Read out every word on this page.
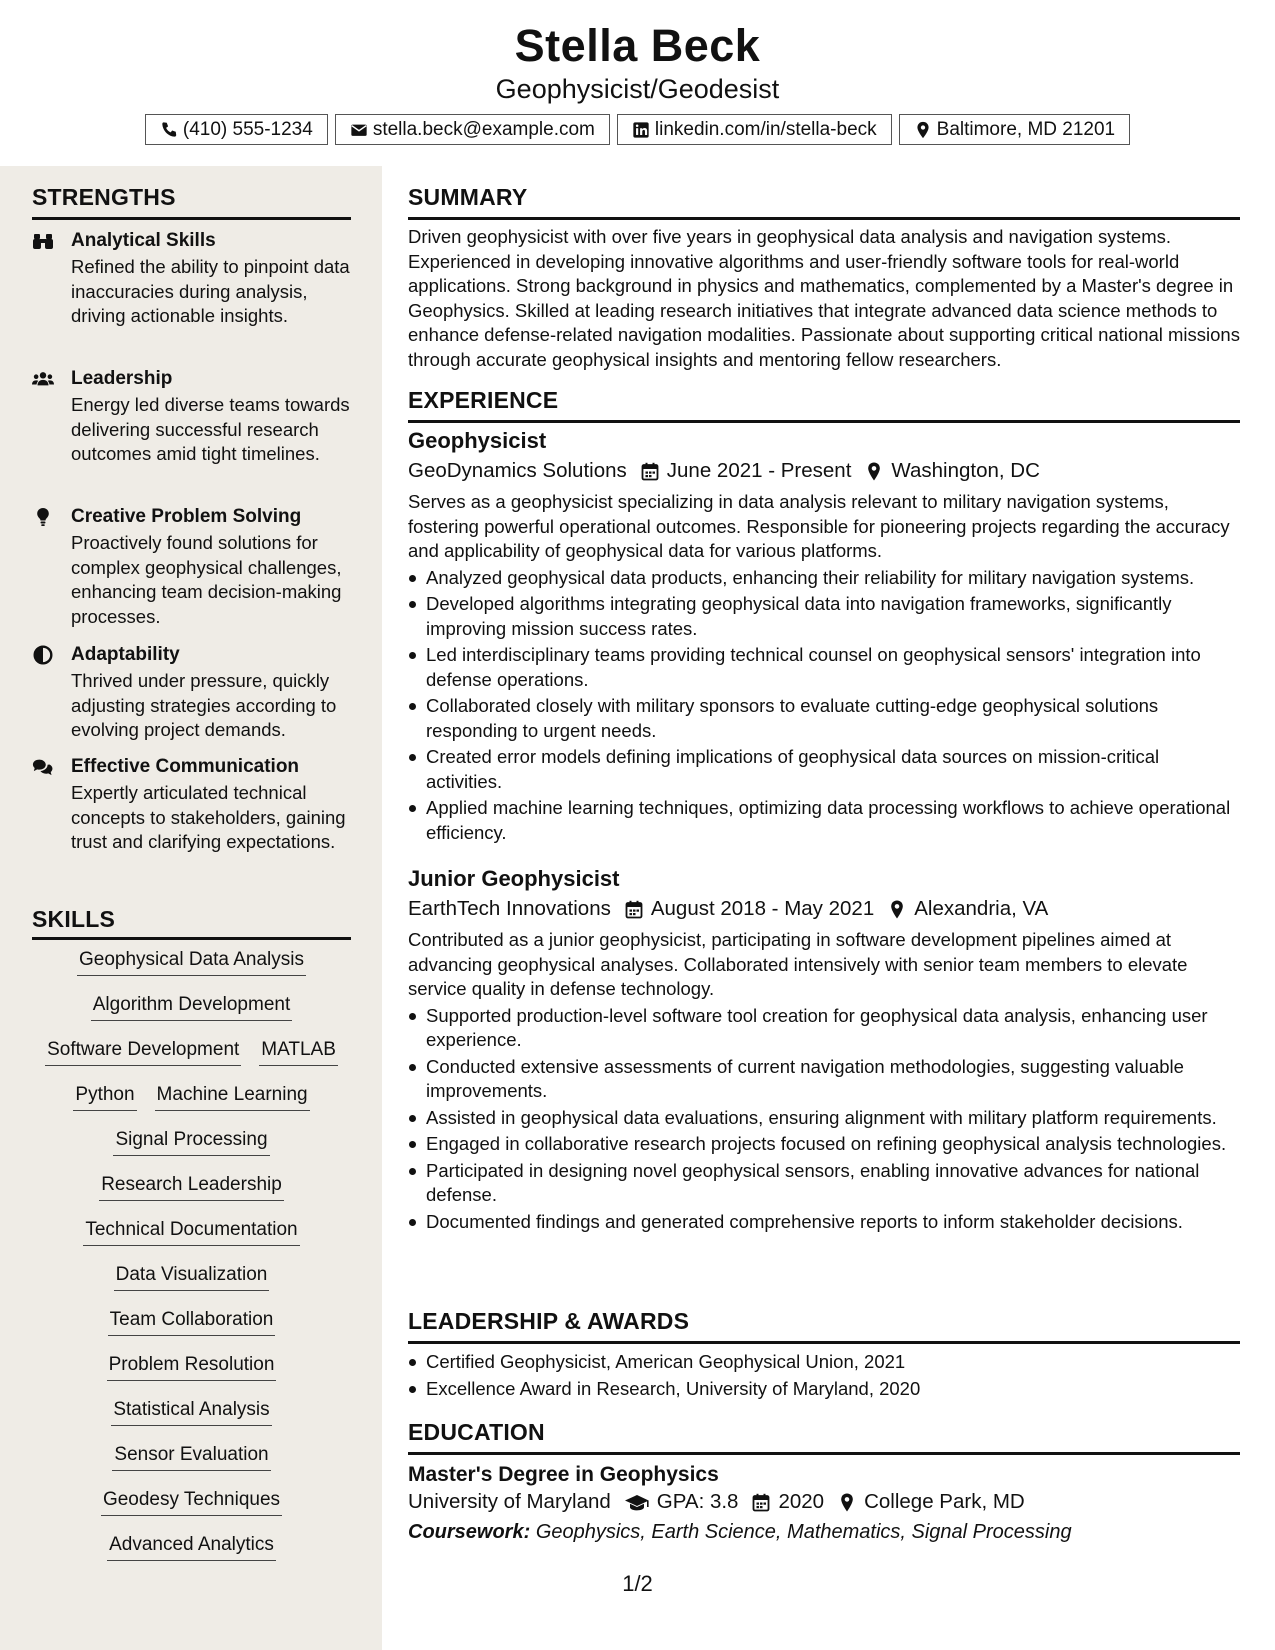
Stella Beck
Geophysicist/Geodesist
(410) 555-1234	stella.beck@example.com	linkedin.com/in/stella-beck	Baltimore, MD 21201
STRENGTHS
Analytical Skills
Refined the ability to pinpoint data inaccuracies during analysis, driving actionable insights.
Leadership
Energy led diverse teams towards delivering successful research outcomes amid tight timelines.
Creative Problem Solving
Proactively found solutions for complex geophysical challenges, enhancing team decision-making processes.
Adaptability
Thrived under pressure, quickly adjusting strategies according to evolving project demands.
Effective Communication
Expertly articulated technical concepts to stakeholders, gaining trust and clarifying expectations.
SKILLS
Geophysical Data Analysis
Algorithm Development
Software Development MATLAB
Python Machine Learning
Signal Processing
Research Leadership
Technical Documentation
Data Visualization
Team Collaboration
Problem Resolution
Statistical Analysis
Sensor Evaluation
Geodesy Techniques
Advanced Analytics
SUMMARY
Driven geophysicist with over five years in geophysical data analysis and navigation systems. Experienced in developing innovative algorithms and user-friendly software tools for real-world applications. Strong background in physics and mathematics, complemented by a Master's degree in Geophysics. Skilled at leading research initiatives that integrate advanced data science methods to enhance defense-related navigation modalities. Passionate about supporting critical national missions through accurate geophysical insights and mentoring fellow researchers.
EXPERIENCE
Geophysicist
GeoDynamics Solutions June 2021 - Present Washington, DC
Serves as a geophysicist specializing in data analysis relevant to military navigation systems, fostering powerful operational outcomes. Responsible for pioneering projects regarding the accuracy and applicability of geophysical data for various platforms.
Analyzed geophysical data products, enhancing their reliability for military navigation systems.
Developed algorithms integrating geophysical data into navigation frameworks, significantly improving mission success rates.
Led interdisciplinary teams providing technical counsel on geophysical sensors' integration into defense operations.
Collaborated closely with military sponsors to evaluate cutting-edge geophysical solutions responding to urgent needs.
Created error models defining implications of geophysical data sources on mission-critical activities.
Applied machine learning techniques, optimizing data processing workflows to achieve operational efficiency.
Junior Geophysicist
EarthTech Innovations August 2018 - May 2021 Alexandria, VA
Contributed as a junior geophysicist, participating in software development pipelines aimed at advancing geophysical analyses. Collaborated intensively with senior team members to elevate service quality in defense technology.
Supported production-level software tool creation for geophysical data analysis, enhancing user experience.
Conducted extensive assessments of current navigation methodologies, suggesting valuable improvements.
Assisted in geophysical data evaluations, ensuring alignment with military platform requirements.
Engaged in collaborative research projects focused on refining geophysical analysis technologies.
Participated in designing novel geophysical sensors, enabling innovative advances for national defense.
Documented findings and generated comprehensive reports to inform stakeholder decisions.
LEADERSHIP & AWARDS
Certified Geophysicist, American Geophysical Union, 2021
Excellence Award in Research, University of Maryland, 2020
EDUCATION
Master's Degree in Geophysics
University of Maryland GPA: 3.8 2020 College Park, MD
Coursework: Geophysics, Earth Science, Mathematics, Signal Processing
1/2
